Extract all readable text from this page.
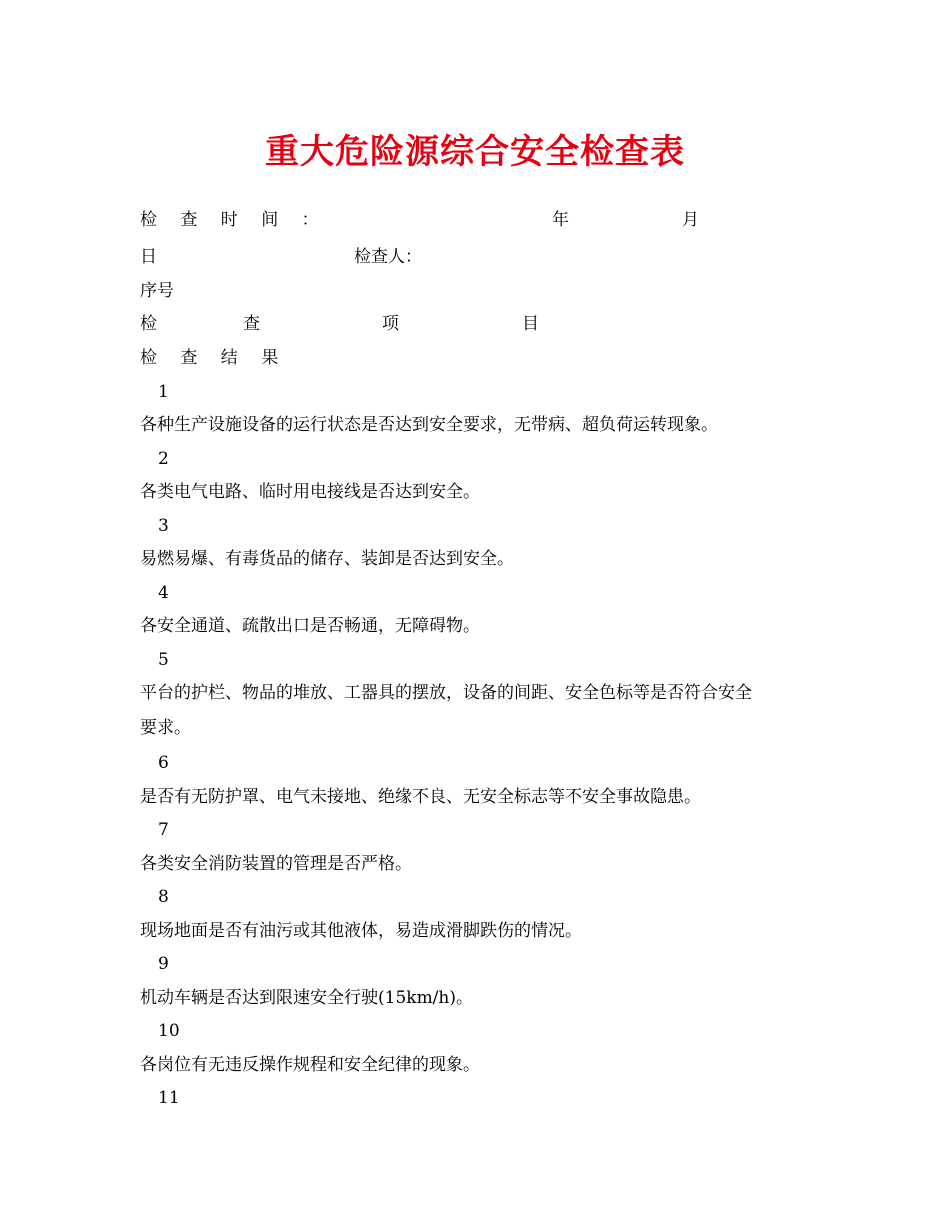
重大危险源综合安全检查表
检 查 时 间 ：	年	月
日	检查人：
序号
检	查	项	目
检 查 结 果
1
各种生产设施设备的运行状态是否达到安全要求，无带病、超负荷运转现象。
2
各类电气电路、临时用电接线是否达到安全。
3
易燃易爆、有毒货品的储存、装卸是否达到安全。
4
各安全通道、疏散出口是否畅通，无障碍物。
5
平台的护栏、物品的堆放、工器具的摆放，设备的间距、安全色标等是否符合安全
要求。
6
是否有无防护罩、电气未接地、绝缘不良、无安全标志等不安全事故隐患。
7
各类安全消防装置的管理是否严格。
8
现场地面是否有油污或其他液体，易造成滑脚跌伤的情况。
9
机动车辆是否达到限速安全行驶(15km/h)。
10
各岗位有无违反操作规程和安全纪律的现象。
11
